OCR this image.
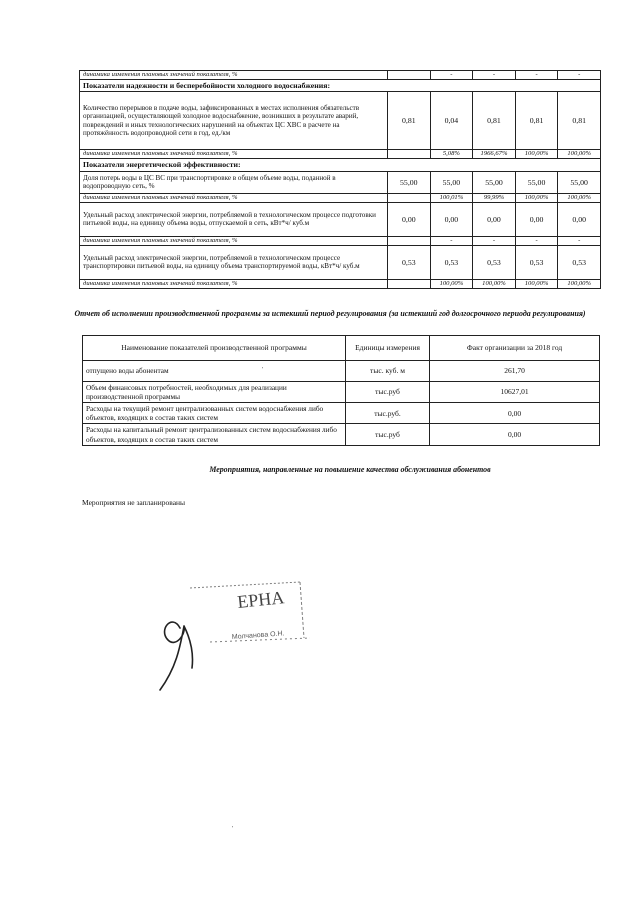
динамика изменения плановых значений показателя, %		-	-	-	-
Показатели надежности и бесперебойности холодного водоснабжения:					
Количество перерывов в подаче воды, зафиксированных в местах исполнения обязательств организацией, осуществляющей холодное водоснабжение, возникших в результате аварий, повреждений и иных технологических нарушений на объектах ЦС ХВС в расчете на протяжённость водопроводной сети в год, ед./км	0,81	0,04	0,81	0,81	0,81
динамика изменения плановых значений показателя, %		5,08%	1966,67%	100,00%	100,00%
Показатели энергетической эффективности:					
Доля потерь воды в ЦС ВС при транспортировке в общем объеме воды, поданной в водопроводную сеть, %	55,00	55,00	55,00	55,00	55,00
динамика изменения плановых значений показателя, %		100,01%	99,99%	100,00%	100,00%
Удельный расход электрической энергии, потребляемой в технологическом процессе подготовки питьевой воды, на единицу объема воды, отпускаемой в сеть, кВт*ч/ куб.м	0,00	0,00	0,00	0,00	0,00
динамика изменения плановых значений показателя, %		-	-	-	-
Удельный расход электрической энергии, потребляемой в технологическом процессе транспортировки питьевой воды, на единицу объема транспортируемой воды, кВт*ч/ куб.м	0,53	0,53	0,53	0,53	0,53
динамика изменения плановых значений показателя, %		100,00%	100,00%	100,00%	100,00%
Отчет об исполнении производственной программы за истекший период регулирования (за истекший год долгосрочного периода регулирования)
Наименование показателей производственной программы	Единицы измерения	Факт организации за 2018 год
отпущено воды абонентам	тыс. куб. м	261,70
Объем финансовых потребностей, необходимых для реализации производственной программы	тыс.руб	10627,01
Расходы на текущий ремонт централизованных систем водоснабжения либо объектов, входящих в состав таких систем	тыс.руб.	0,00
Расходы на капитальный ремонт централизованных систем водоснабжения либо объектов, входящих в состав таких систем	тыс.руб	0,00
Мероприятия, направленные на повышение качества обслуживания абонентов
Мероприятия не запланированы
ЕРНА
Молчанова О.Н.
'
'
